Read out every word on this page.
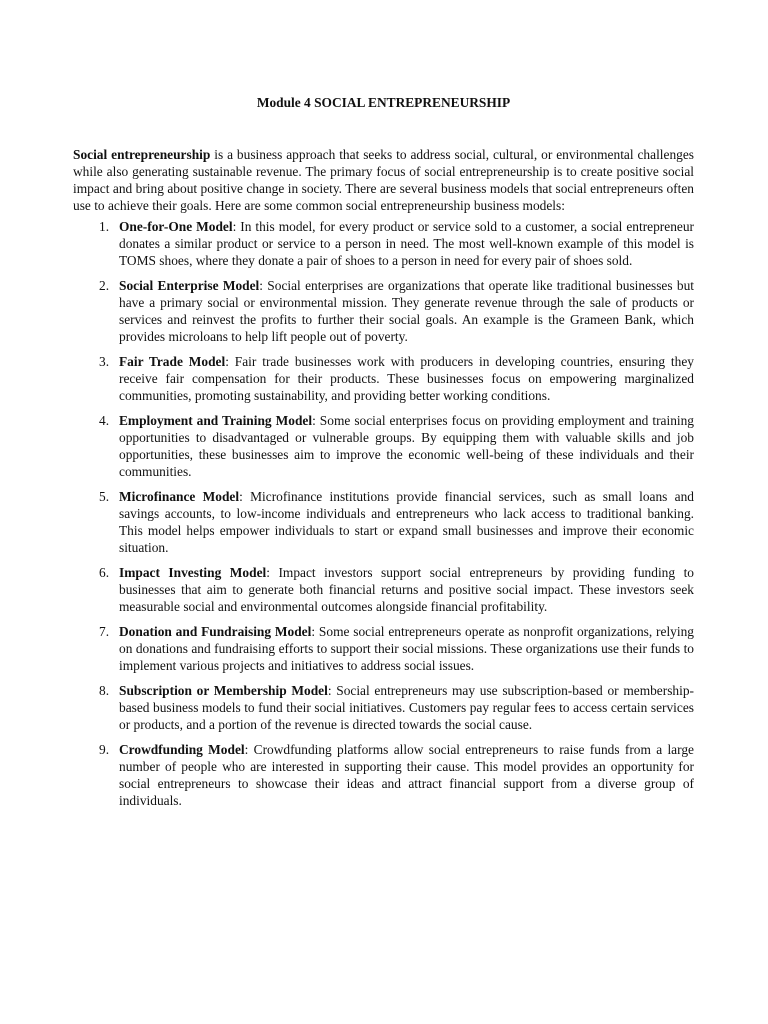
Module 4 SOCIAL ENTREPRENEURSHIP

Social entrepreneurship is a business approach that seeks to address social, cultural, or environmental challenges while also generating sustainable revenue. The primary focus of social entrepreneurship is to create positive social impact and bring about positive change in society. There are several business models that social entrepreneurs often use to achieve their goals. Here are some common social entrepreneurship business models:

1. One-for-One Model: In this model, for every product or service sold to a customer, a social entrepreneur donates a similar product or service to a person in need. The most well-known example of this model is TOMS shoes, where they donate a pair of shoes to a person in need for every pair of shoes sold.
2. Social Enterprise Model: Social enterprises are organizations that operate like traditional businesses but have a primary social or environmental mission. They generate revenue through the sale of products or services and reinvest the profits to further their social goals. An example is the Grameen Bank, which provides microloans to help lift people out of poverty.
3. Fair Trade Model: Fair trade businesses work with producers in developing countries, ensuring they receive fair compensation for their products. These businesses focus on empowering marginalized communities, promoting sustainability, and providing better working conditions.
4. Employment and Training Model: Some social enterprises focus on providing employment and training opportunities to disadvantaged or vulnerable groups. By equipping them with valuable skills and job opportunities, these businesses aim to improve the economic well-being of these individuals and their communities.
5. Microfinance Model: Microfinance institutions provide financial services, such as small loans and savings accounts, to low-income individuals and entrepreneurs who lack access to traditional banking. This model helps empower individuals to start or expand small businesses and improve their economic situation.
6. Impact Investing Model: Impact investors support social entrepreneurs by providing funding to businesses that aim to generate both financial returns and positive social impact. These investors seek measurable social and environmental outcomes alongside financial profitability.
7. Donation and Fundraising Model: Some social entrepreneurs operate as nonprofit organizations, relying on donations and fundraising efforts to support their social missions. These organizations use their funds to implement various projects and initiatives to address social issues.
8. Subscription or Membership Model: Social entrepreneurs may use subscription-based or membership-based business models to fund their social initiatives. Customers pay regular fees to access certain services or products, and a portion of the revenue is directed towards the social cause.
9. Crowdfunding Model: Crowdfunding platforms allow social entrepreneurs to raise funds from a large number of people who are interested in supporting their cause. This model provides an opportunity for social entrepreneurs to showcase their ideas and attract financial support from a diverse group of individuals.
